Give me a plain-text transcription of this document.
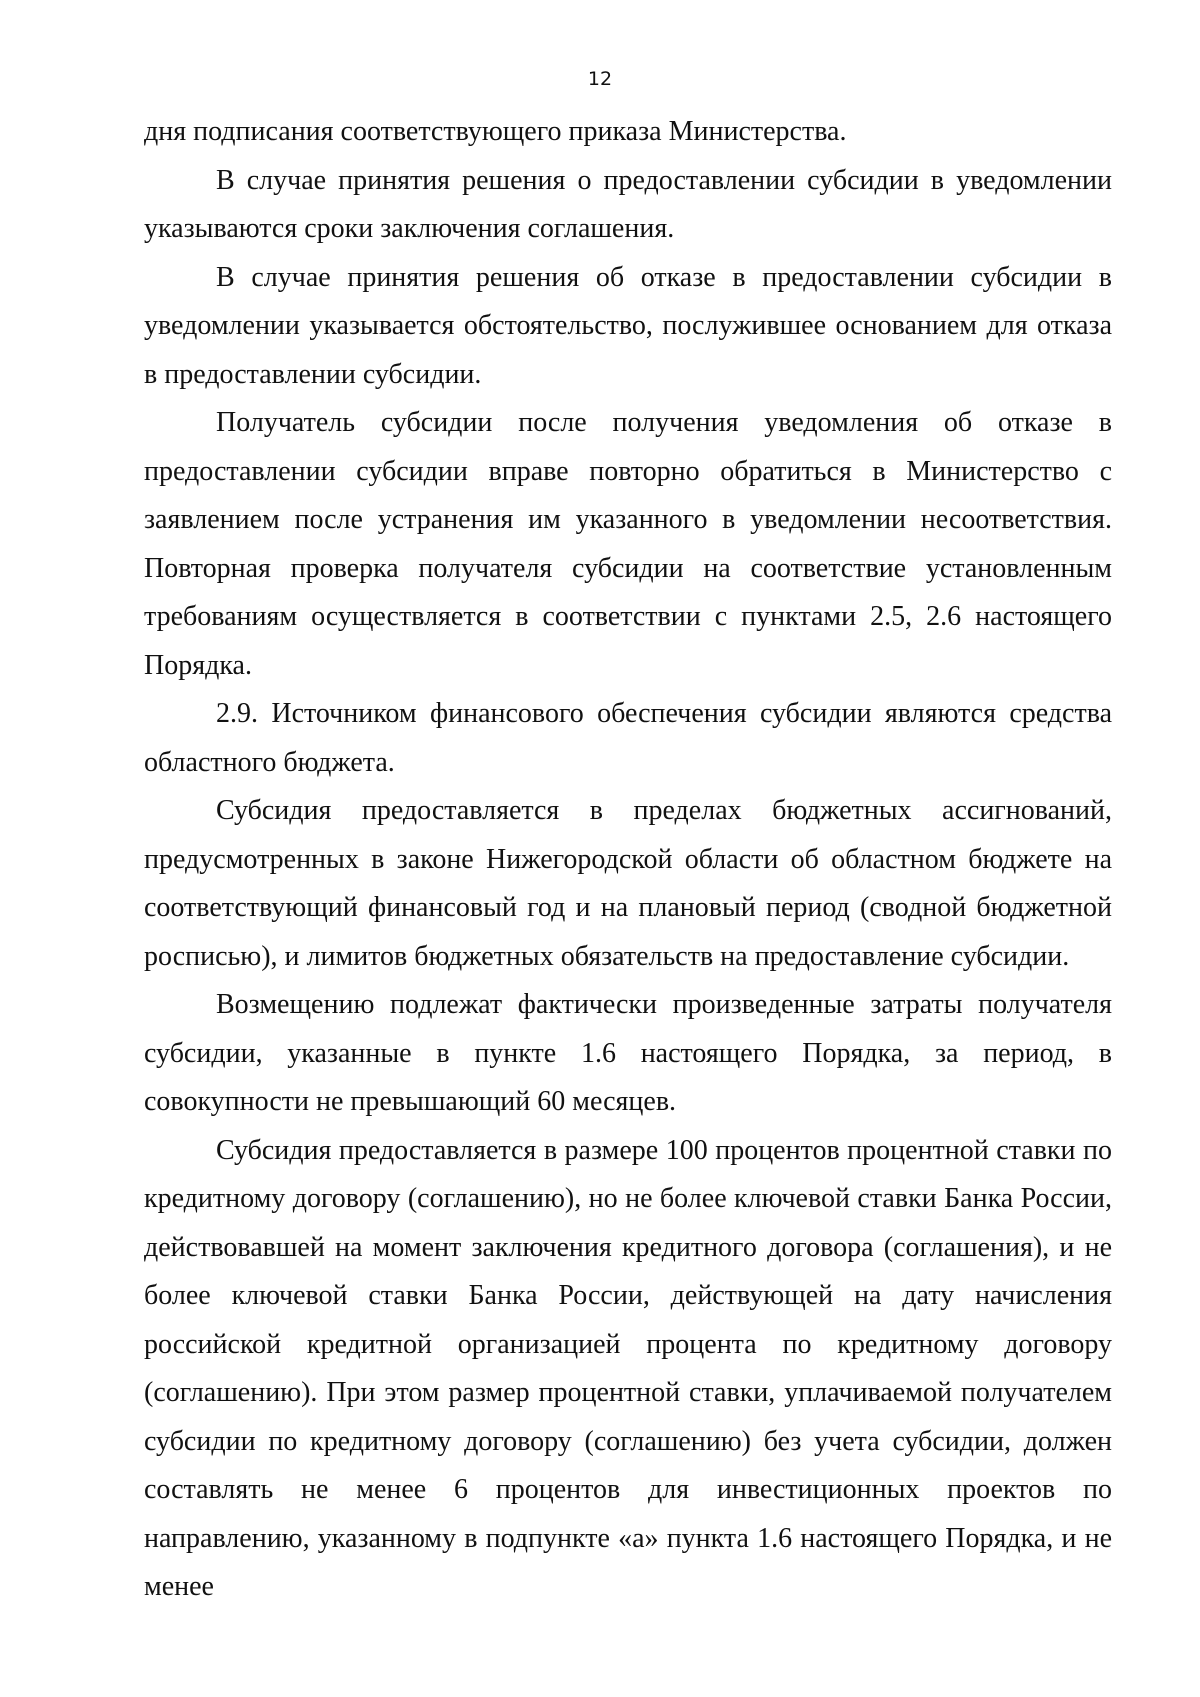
12

дня подписания соответствующего приказа Министерства.

В случае принятия решения о предоставлении субсидии в уведомлении указываются сроки заключения соглашения.

В случае принятия решения об отказе в предоставлении субсидии в уведомлении указывается обстоятельство, послужившее основанием для отказа в предоставлении субсидии.

Получатель субсидии после получения уведомления об отказе в предоставлении субсидии вправе повторно обратиться в Министерство с заявлением после устранения им указанного в уведомлении несоответствия. Повторная проверка получателя субсидии на соответствие установленным требованиям осуществляется в соответствии с пунктами 2.5, 2.6 настоящего Порядка.

2.9. Источником финансового обеспечения субсидии являются средства областного бюджета.

Субсидия предоставляется в пределах бюджетных ассигнований, предусмотренных в законе Нижегородской области об областном бюджете на соответствующий финансовый год и на плановый период (сводной бюджетной росписью), и лимитов бюджетных обязательств на предоставление субсидии.

Возмещению подлежат фактически произведенные затраты получателя субсидии, указанные в пункте 1.6 настоящего Порядка, за период, в совокупности не превышающий 60 месяцев.

Субсидия предоставляется в размере 100 процентов процентной ставки по кредитному договору (соглашению), но не более ключевой ставки Банка России, действовавшей на момент заключения кредитного договора (соглашения), и не более ключевой ставки Банка России, действующей на дату начисления российской кредитной организацией процента по кредитному договору (соглашению). При этом размер процентной ставки, уплачиваемой получателем субсидии по кредитному договору (соглашению) без учета субсидии, должен составлять не менее 6 процентов для инвестиционных проектов по направлению, указанному в подпункте «а» пункта 1.6 настоящего Порядка, и не менее
